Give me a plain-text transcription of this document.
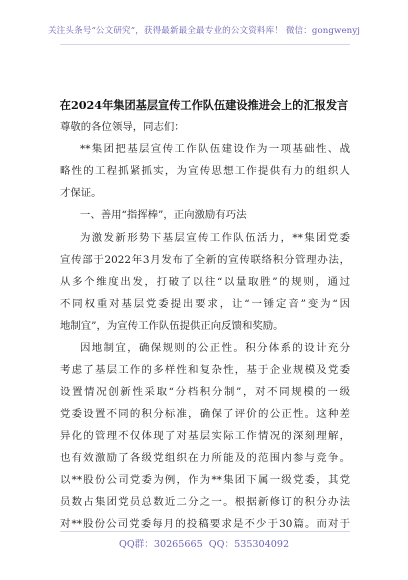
关注头条号“公文研究”，获得最新最全最专业的公文资料库！ 微信：gongwenyj
在2024年集团基层宣传工作队伍建设推进会上的汇报发言
尊敬的各位领导，同志们：
**集团把基层宣传工作队伍建设作为一项基础性、战
略性的工程抓紧抓实，为宣传思想工作提供有力的组织人
才保证。
一、善用“指挥棒”，正向激励有巧法
为激发新形势下基层宣传工作队伍活力，**集团党委
宣传部于2022年3月发布了全新的宣传联络积分管理办法，
从多个维度出发，打破了以往“以量取胜”的规则，通过
不同权重对基层党委提出要求，让“一锤定音”变为“因
地制宜”，为宣传工作队伍提供正向反馈和奖励。
因地制宜，确保规则的公正性。积分体系的设计充分
考虑了基层工作的多样性和复杂性，基于企业规模及党委
设置情况创新性采取“分档积分制”，对不同规模的一级
党委设置不同的积分标准，确保了评价的公正性。这种差
异化的管理不仅体现了对基层实际工作情况的深刻理解，
也有效激励了各级党组织在力所能及的范围内参与竞争。
以**股份公司党委为例，作为**集团下属一级党委，其党
员数占集团党员总数近二分之一。根据新修订的积分办法
对**股份公司党委每月的投稿要求是不少于30篇。而对于
QQ群：30265665 QQ：535304092
